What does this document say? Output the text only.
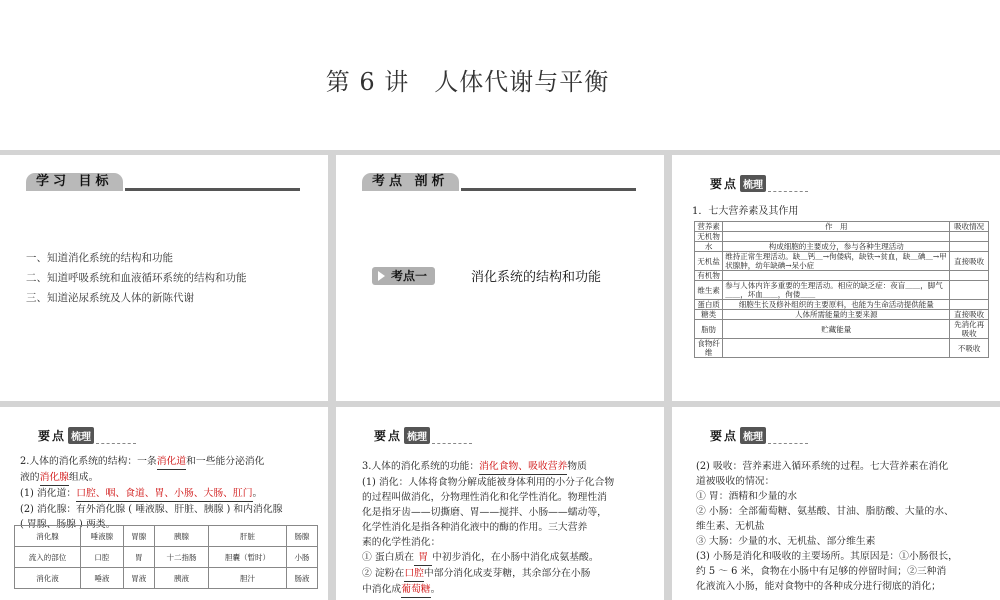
第 6 讲　人体代谢与平衡
学习 目标
一、知道消化系统的结构和功能
二、知道呼吸系统和血液循环系统的结构和功能
三、知道泌尿系统及人体的新陈代谢
考点 剖析
考点一	消化系统的结构和功能
要点 梳理
1．七大营养素及其作用
营养素	作　用	吸收情况
无机物		
水	构成细胞的主要成分，参与各种生理活动	
无机盐	维持正常生理活动。缺＿钙＿→佝偻病，缺铁→贫血，缺＿碘＿→甲状腺肿，幼年缺碘→呆小症	直接吸收
有机物		
维生素	参与人体内许多重要的生理活动。相应的缺乏症：夜盲＿＿，脚气＿＿，坏血＿＿，佝偻＿＿	
蛋白质	细胞生长及修补组织的主要原料，也能为生命活动提供能量	
糖类	人体所需能量的主要来源	直接吸收
脂肪	贮藏能量	先消化再吸收
食物纤维		不吸收
要点 梳理
2.人体的消化系统的结构：一条消化道和一些能分泌消化
液的消化腺组成。
(1) 消化道：口腔、咽、食道、胃、小肠、大肠、肛门。
(2) 消化腺：有外消化腺 ( 唾液腺、肝脏、胰腺 ) 和内消化腺
( 胃腺、肠腺 ) 两类。
消化腺	唾液腺	胃腺	胰腺	肝脏	肠腺
流入的部位	口腔	胃	十二指肠	胆囊（暂时）	小肠
消化液	唾液	胃液	胰液	胆汁	肠液
要点 梳理
3.人体的消化系统的功能：消化食物、吸收营养物质
(1) 消化：人体将食物分解成能被身体利用的小分子化合物
的过程叫做消化，分物理性消化和化学性消化。物理性消
化是指牙齿——切撕磨、胃——搅拌、小肠——蠕动等，
化学性消化是指各种消化液中的酶的作用。三大营养
素的化学性消化：
① 蛋白质在 胃 中初步消化，在小肠中消化成氨基酸。
② 淀粉在口腔中部分消化成麦芽糖，其余部分在小肠
中消化成葡萄糖。
要点 梳理
(2) 吸收：营养素进入循环系统的过程。七大营养素在消化
道被吸收的情况：
① 胃：酒精和少量的水
② 小肠：全部葡萄糖、氨基酸、甘油、脂肪酸、大量的水、
维生素、无机盐
③ 大肠：少量的水、无机盐、部分维生素
(3) 小肠是消化和吸收的主要场所。其原因是：①小肠很长，
约 5 ～ 6 米，食物在小肠中有足够的停留时间；②三种消
化液流入小肠，能对食物中的各种成分进行彻底的消化；
